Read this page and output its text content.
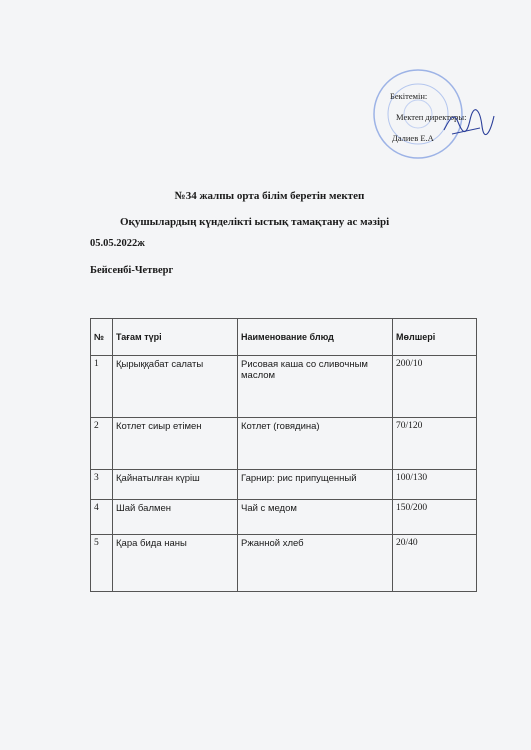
Бекітемін:
Мектеп директоры:
Далиев Е.А
№34 жалпы орта білім беретін мектеп
Оқушылардың күнделікті ыстық тамақтану ас мәзірі
05.05.2022ж
Бейсенбі-Четверг
№	Тағам түрі	Наименование блюд	Мөлшері
1	Қырыққабат салаты	Рисовая каша со сливочным маслом	200/10
2	Котлет сиыр етімен	Котлет (говядина)	70/120
3	Қайнатылған күріш	Гарнир: рис припущенный	100/130
4	Шай балмен	Чай с медом	150/200
5	Қара бида наны	Ржанной хлеб	20/40
